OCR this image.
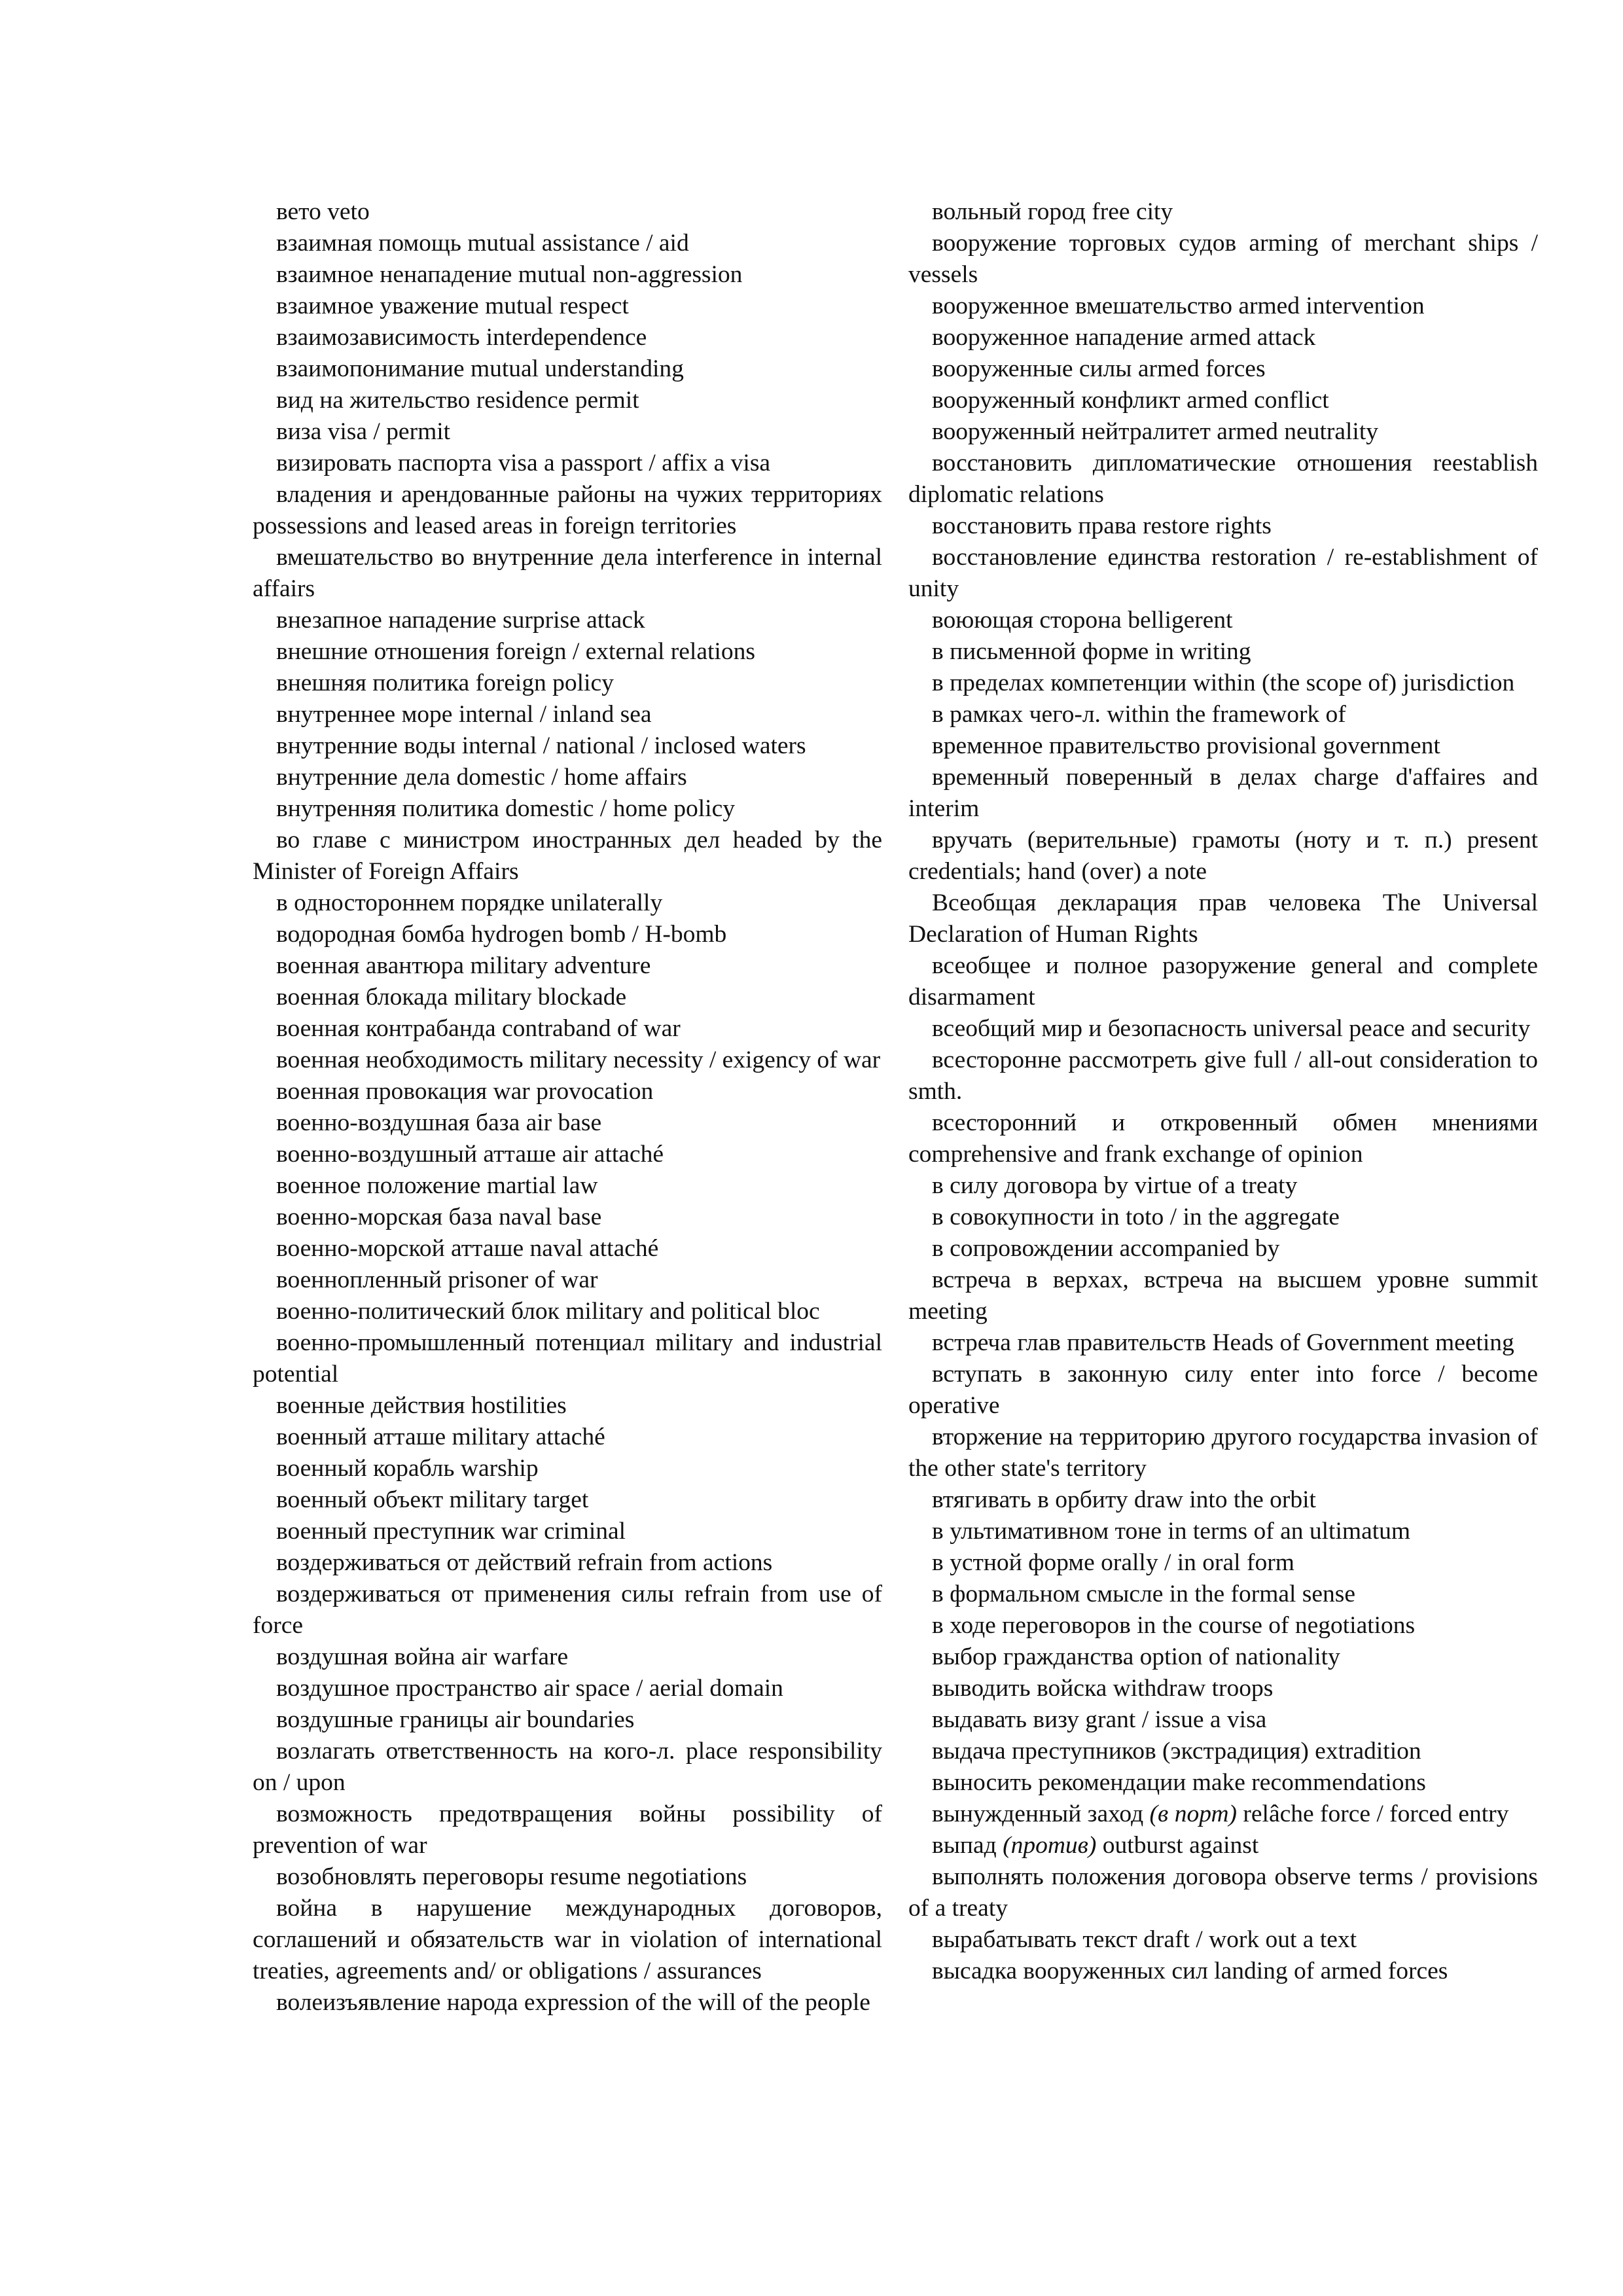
вето veto

взаимная помощь mutual assistance / aid

взаимное ненападение mutual non-aggression

взаимное уважение mutual respect

взаимозависимость interdependence

взаимопонимание mutual understanding

вид на жительство residence permit

виза visa / permit

визировать паспорта visa a passport / affix a visa

владения и арендованные районы на чужих территориях possessions and leased areas in foreign territories

вмешательство во внутренние дела interference in internal affairs

внезапное нападение surprise attack

внешние отношения foreign / external relations

внешняя политика foreign policy

внутреннее море internal / inland sea

внутренние воды internal / national / inclosed waters

внутренние дела domestic / home affairs

внутренняя политика domestic / home policy

во главе с министром иностранных дел headed by the Minister of Foreign Affairs

в одностороннем порядке unilaterally

водородная бомба hydrogen bomb / H-bomb

военная авантюра military adventure

военная блокада military blockade

военная контрабанда contraband of war

военная необходимость military necessity / exigency of war

военная провокация war provocation

военно-воздушная база air base

военно-воздушный атташе air attaché

военное положение martial law

военно-морская база naval base

военно-морской атташе naval attaché

военнопленный prisoner of war

военно-политический блок military and political bloc

военно-промышленный потенциал military and industrial potential

военные действия hostilities

военный атташе military attaché

военный корабль warship

военный объект military target

военный преступник war criminal

воздерживаться от действий refrain from actions

воздерживаться от применения силы refrain from use of force

воздушная война air warfare

воздушное пространство air space / aerial domain

воздушные границы air boundaries

возлагать ответственность на кого-л. place responsibility on / upon

возможность предотвращения войны possibility of prevention of war

возобновлять переговоры resume negotiations

война в нарушение международных договоров, соглашений и обязательств war in violation of international treaties, agreements and/ or obligations / assurances

волеизъявление народа expression of the will of the people

вольный город free city

вооружение торговых судов arming of merchant ships / vessels

вооруженное вмешательство armed intervention

вооруженное нападение armed attack

вооруженные силы armed forces

вооруженный конфликт armed conflict

вооруженный нейтралитет armed neutrality

восстановить дипломатические отношения reestablish diplomatic relations

восстановить права restore rights

восстановление единства restoration / re-establishment of unity

воюющая сторона belligerent

в письменной форме in writing

в пределах компетенции within (the scope of) jurisdiction

в рамках чего-л. within the framework of

временное правительство provisional government

временный поверенный в делах charge d'affaires and interim

вручать (верительные) грамоты (ноту и т. п.) present credentials; hand (over) a note

Всеобщая декларация прав человека The Universal Declaration of Human Rights

всеобщее и полное разоружение general and complete disarmament

всеобщий мир и безопасность universal peace and security

всесторонне рассмотреть give full / all-out consideration to smth.

всесторонний и откровенный обмен мнениями comprehensive and frank exchange of opinion

в силу договора by virtue of a treaty

в совокупности in toto / in the aggregate

в сопровождении accompanied by

встреча в верхах, встреча на высшем уровне summit meeting

встреча глав правительств Heads of Government meeting

вступать в законную силу enter into force / become operative

вторжение на территорию другого государства invasion of the other state's territory

втягивать в орбиту draw into the orbit

в ультимативном тоне in terms of an ultimatum

в устной форме orally / in oral form

в формальном смысле in the formal sense

в ходе переговоров in the course of negotiations

выбор гражданства option of nationality

выводить войска withdraw troops

выдавать визу grant / issue a visa

выдача преступников (экстрадиция) extradition

выносить рекомендации make recommendations

вынужденный заход (в порт) relâche force / forced entry

выпад (против) outburst against

выполнять положения договора observe terms / provisions of a treaty

вырабатывать текст draft / work out a text

высадка вооруженных сил landing of armed forces
